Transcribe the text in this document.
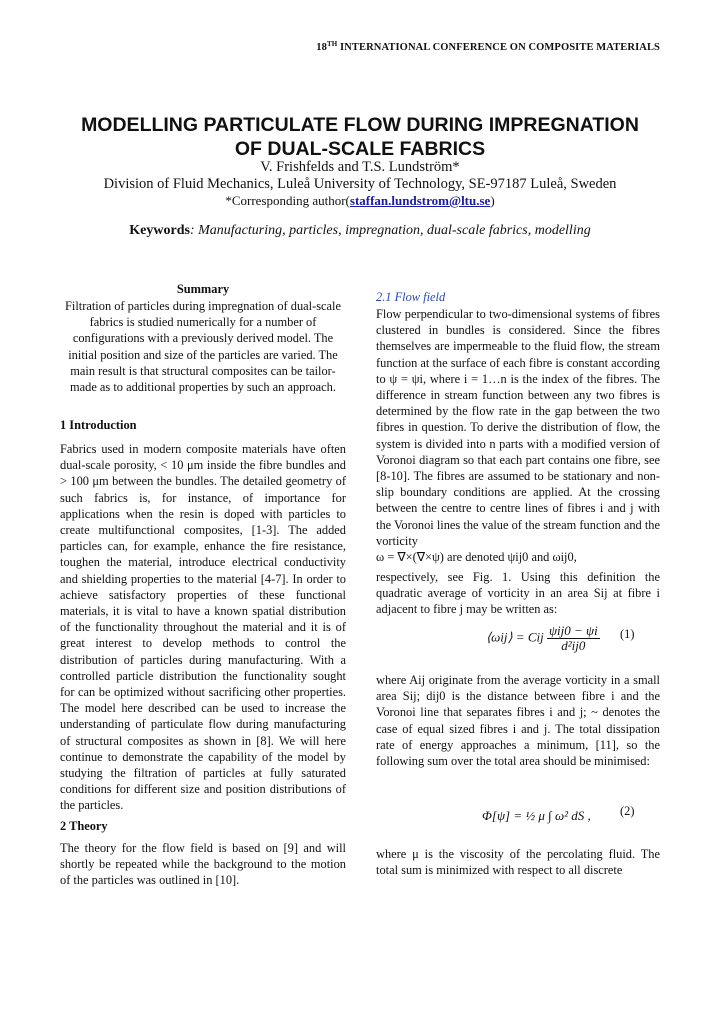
18TH INTERNATIONAL CONFERENCE ON COMPOSITE MATERIALS
MODELLING PARTICULATE FLOW DURING IMPREGNATION
OF DUAL-SCALE FABRICS
V. Frishfelds and T.S. Lundström*
Division of Fluid Mechanics, Luleå University of Technology, SE-97187 Luleå, Sweden
*Corresponding author(staffan.lundstrom@ltu.se)
Keywords: Manufacturing, particles, impregnation, dual-scale fabrics, modelling
Summary
Filtration of particles during impregnation of dual-scale fabrics is studied numerically for a number of configurations with a previously derived model. The initial position and size of the particles are varied. The main result is that structural composites can be tailor-made as to additional properties by such an approach.
1 Introduction
Fabrics used in modern composite materials have often dual-scale porosity, < 10 μm inside the fibre bundles and > 100 μm between the bundles. The detailed geometry of such fabrics is, for instance, of importance for applications when the resin is doped with particles to create multifunctional composites, [1-3]. The added particles can, for example, enhance the fire resistance, toughen the material, introduce electrical conductivity and shielding properties to the material [4-7]. In order to achieve satisfactory properties of these functional materials, it is vital to have a known spatial distribution of the functionality throughout the material and it is of great interest to develop methods to control the distribution of particles during manufacturing. With a controlled particle distribution the functionality sought for can be optimized without sacrificing other properties. The model here described can be used to increase the understanding of particulate flow during manufacturing of structural composites as shown in [8]. We will here continue to demonstrate the capability of the model by studying the filtration of particles at fully saturated conditions for different size and position distributions of the particles.
2 Theory
The theory for the flow field is based on [9] and will shortly be repeated while the background to the motion of the particles was outlined in [10].
2.1 Flow field
Flow perpendicular to two-dimensional systems of fibres clustered in bundles is considered. Since the fibres themselves are impermeable to the fluid flow, the stream function at the surface of each fibre is constant according to ψ = ψi, where i = 1…n is the index of the fibres. The difference in stream function between any two fibres is determined by the flow rate in the gap between the two fibres in question. To derive the distribution of flow, the system is divided into n parts with a modified version of Voronoi diagram so that each part contains one fibre, see [8-10]. The fibres are assumed to be stationary and non-slip boundary conditions are applied. At the crossing between the centre to centre lines of fibres i and j with the Voronoi lines the value of the stream function and the vorticity
ω = ∇×(∇×ψ) are denoted ψij0 and ωij0,
respectively, see Fig. 1. Using this definition the quadratic average of vorticity in an area Sij at fibre i adjacent to fibre j may be written as:
⟨ωij⟩ = Cij $\frac{\text{ψij0 − ψi}}{\text{d²ij0}} (1)$
where Aij originate from the average vorticity in a small area Sij; dij0 is the distance between fibre i and the Voronoi line that separates fibres i and j; ~ denotes the case of equal sized fibres i and j. The total dissipation rate of energy approaches a minimum, [11], so the following sum over the total area should be minimised:
Φ[ψ] = ½ μ ∫ ω² dS , (2)
where μ is the viscosity of the percolating fluid. The total sum is minimized with respect to all discrete
